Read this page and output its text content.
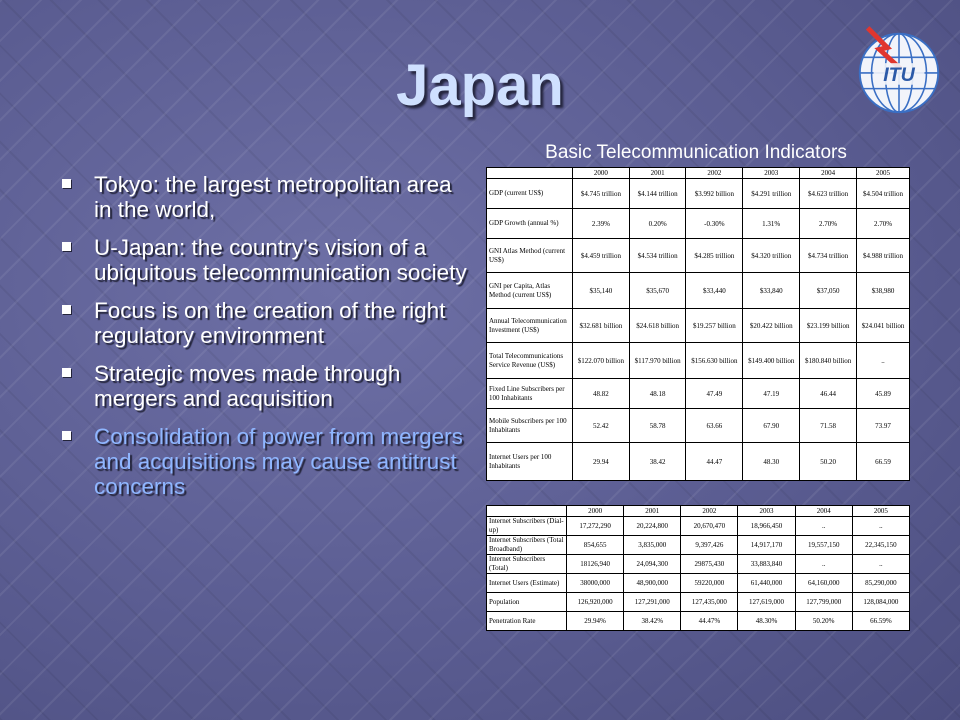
Japan	ITU
Tokyo: the largest metropolitan area in the world,
U-Japan: the country’s vision of a ubiquitous telecommunication society
Focus is on the creation of the right regulatory environment
Strategic moves made through mergers and acquisition
Consolidation of power from mergers and acquisitions may cause antitrust concerns
Basic Telecommunication Indicators
	2000	2001	2002	2003	2004	2005
GDP (current US$)	$4.745 trillion	$4.144 trillion	$3.992 billion	$4.291 trillion	$4.623 trillion	$4.504 trillion
GDP Growth (annual %)	2.39%	0.20%	-0.30%	1.31%	2.70%	2.70%
GNI Atlas Method (current US$)	$4.459 trillion	$4.534 trillion	$4.285 trillion	$4.320 trillion	$4.734 trillion	$4.988 trillion
GNI per Capita, Atlas Method (current US$)	$35,140	$35,670	$33,440	$33,840	$37,050	$38,980
Annual Telecommunication Investment (US$)	$32.681 billion	$24.618 billion	$19.257 billion	$20.422 billion	$23.199 billion	$24.041 billion
Total Telecommunications Service Revenue (US$)	$122.070 billion	$117.970 billion	$156.630 billion	$149.400 billion	$180.840 billion	..
Fixed Line Subscribers per 100 Inhabitants	48.82	48.18	47.49	47.19	46.44	45.89
Mobile Subscribers per 100 Inhabitants	52.42	58.78	63.66	67.90	71.58	73.97
Internet Users per 100 Inhabitants	29.94	38.42	44.47	48.30	50.20	66.59
	2000	2001	2002	2003	2004	2005
Internet Subscribers (Dial-up)	17,272,290	20,224,800	20,670,470	18,966,450	..	..
Internet Subscribers (Total Broadband)	854,655	3,835,000	9,397,426	14,917,170	19,557,150	22,345,150
Internet Subscribers (Total)	18126,940	24,094,300	29875,430	33,883,840	..	..
Internet Users (Estimate)	38000,000	48,900,000	59220,000	61,440,000	64,160,000	85,290,000
Population	126,920,000	127,291,000	127,435,000	127,619,000	127,799,000	128,084,000
Penetration Rate	29.94%	38.42%	44.47%	48.30%	50.20%	66.59%
